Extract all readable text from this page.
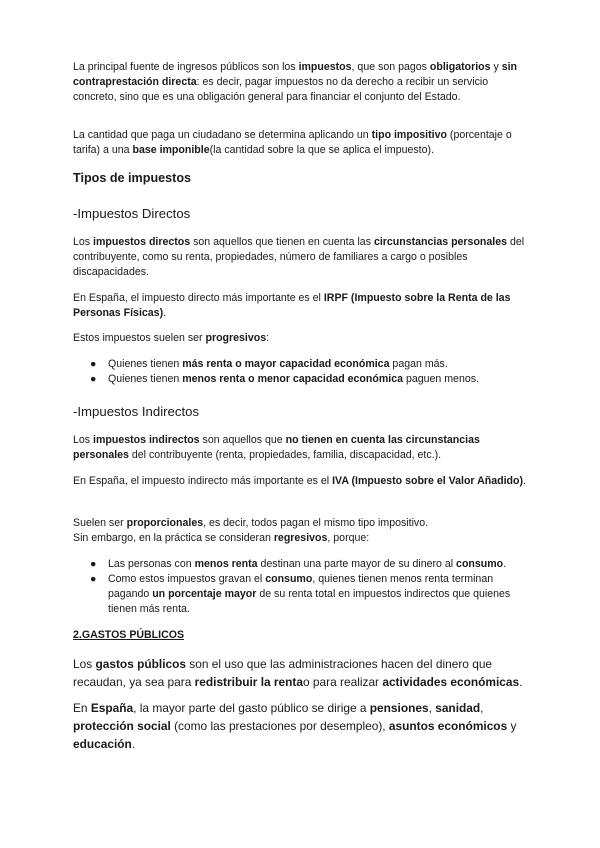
La principal fuente de ingresos públicos son los impuestos, que son pagos obligatorios y sin contraprestación directa: es decir, pagar impuestos no da derecho a recibir un servicio concreto, sino que es una obligación general para financiar el conjunto del Estado.

La cantidad que paga un ciudadano se determina aplicando un tipo impositivo (porcentaje o tarifa) a una base imponible(la cantidad sobre la que se aplica el impuesto).

Tipos de impuestos
-Impuestos Directos

Los impuestos directos son aquellos que tienen en cuenta las circunstancias personales del contribuyente, como su renta, propiedades, número de familiares a cargo o posibles discapacidades.

En España, el impuesto directo más importante es el IRPF (Impuesto sobre la Renta de las Personas Físicas).

Estos impuestos suelen ser progresivos:

● Quienes tienen más renta o mayor capacidad económica pagan más.
● Quienes tienen menos renta o menor capacidad económica paguen menos.
-Impuestos Indirectos

Los impuestos indirectos son aquellos que no tienen en cuenta las circunstancias personales del contribuyente (renta, propiedades, familia, discapacidad, etc.).

En España, el impuesto indirecto más importante es el IVA (Impuesto sobre el Valor Añadido).

Suelen ser proporcionales, es decir, todos pagan el mismo tipo impositivo.
Sin embargo, en la práctica se consideran regresivos, porque:
● Las personas con menos renta destinan una parte mayor de su dinero al consumo.
● Como estos impuestos gravan el consumo, quienes tienen menos renta terminan pagando un porcentaje mayor de su renta total en impuestos indirectos que quienes tienen más renta.
2.GASTOS PÚBLICOS

Los gastos públicos son el uso que las administraciones hacen del dinero que recaudan, ya sea para redistribuir la rentao para realizar actividades económicas.

En España, la mayor parte del gasto público se dirige a pensiones, sanidad, protección social (como las prestaciones por desempleo), asuntos económicos y educación.
